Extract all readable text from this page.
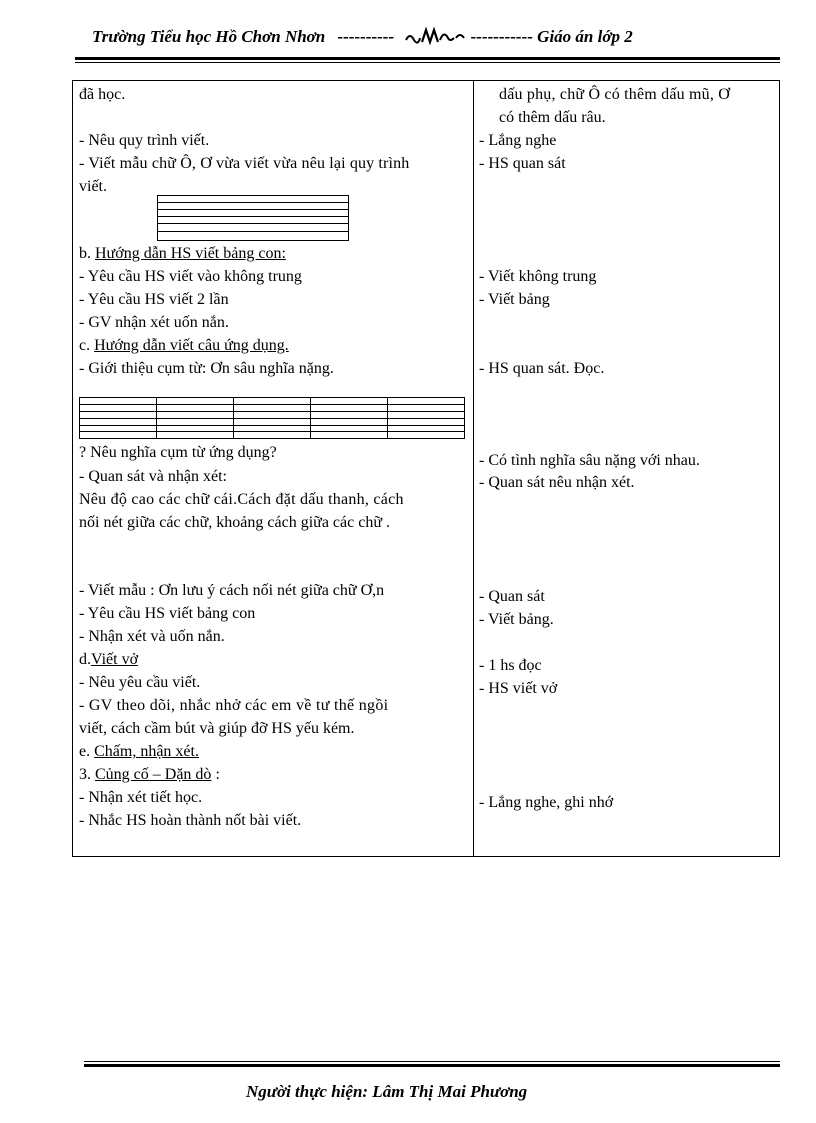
Trường Tiểu học Hồ Chơn Nhơn ----------	----------- Giáo án lớp 2
đã học.
- Nêu quy trình viết.
- Viết mẫu chữ Ô, Ơ vừa viết vừa nêu lại quy trình
viết.
b. Hướng dẫn HS viết bảng con:
- Yêu cầu HS viết vào không trung
- Yêu cầu HS viết 2 lần
- GV nhận xét uốn nắn.
c. Hướng dẫn viết câu ứng dụng.
- Giới thiệu cụm từ: Ơn sâu nghĩa nặng.
? Nêu nghĩa cụm từ ứng dụng?
- Quan sát và nhận xét:
Nêu độ cao các chữ cái.Cách đặt dấu thanh, cách
nối nét giữa các chữ, khoảng cách giữa các chữ .
- Viết mẫu : Ơn lưu ý cách nối nét giữa chữ Ơ,n
- Yêu cầu HS viết bảng con
- Nhận xét và uốn nắn.
d.Viết vở
- Nêu yêu cầu viết.
- GV theo dõi, nhắc nhở các em về tư thế ngồi
viết, cách cầm bút và giúp đỡ HS yếu kém.
e. Chấm, nhận xét.
3. Củng cố – Dặn dò :
- Nhận xét tiết học.
- Nhắc HS hoàn thành nốt bài viết.
dấu phụ, chữ Ô có thêm dấu mũ, Ơ
có thêm dấu râu.
- Lắng nghe
- HS quan sát
- Viết không trung
- Viết bảng
- HS quan sát. Đọc.
- Có tình nghĩa sâu nặng với nhau.
- Quan sát nêu nhận xét.
- Quan sát
- Viết bảng.
- 1 hs đọc
- HS viết vở
- Lắng nghe, ghi nhớ
Người thực hiện: Lâm Thị Mai Phương
